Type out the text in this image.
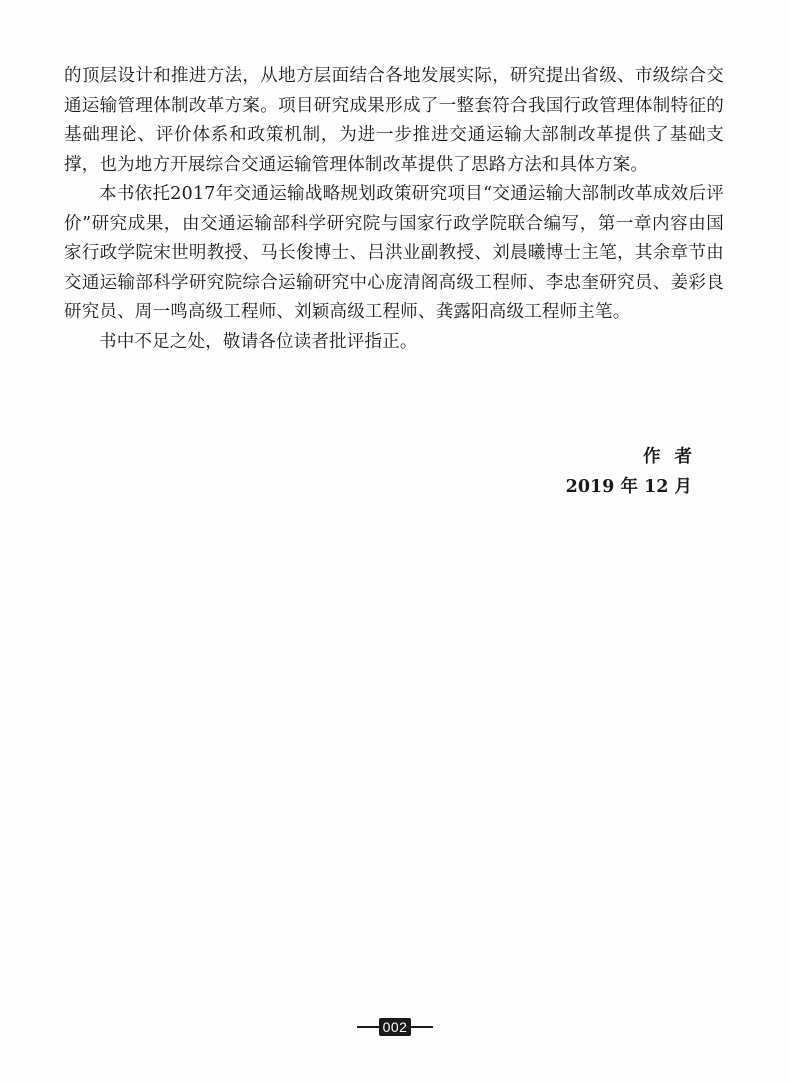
的顶层设计和推进方法，从地方层面结合各地发展实际，研究提出省级、市级综合交通运输管理体制改革方案。项目研究成果形成了一整套符合我国行政管理体制特征的基础理论、评价体系和政策机制，为进一步推进交通运输大部制改革提供了基础支撑，也为地方开展综合交通运输管理体制改革提供了思路方法和具体方案。

本书依托2017年交通运输战略规划政策研究项目“交通运输大部制改革成效后评价”研究成果，由交通运输部科学研究院与国家行政学院联合编写，第一章内容由国家行政学院宋世明教授、马长俊博士、吕洪业副教授、刘晨曦博士主笔，其余章节由交通运输部科学研究院综合运输研究中心庞清阁高级工程师、李忠奎研究员、姜彩良研究员、周一鸣高级工程师、刘颖高级工程师、龚露阳高级工程师主笔。

书中不足之处，敬请各位读者批评指正。

作者
2019 年 12 月
002
